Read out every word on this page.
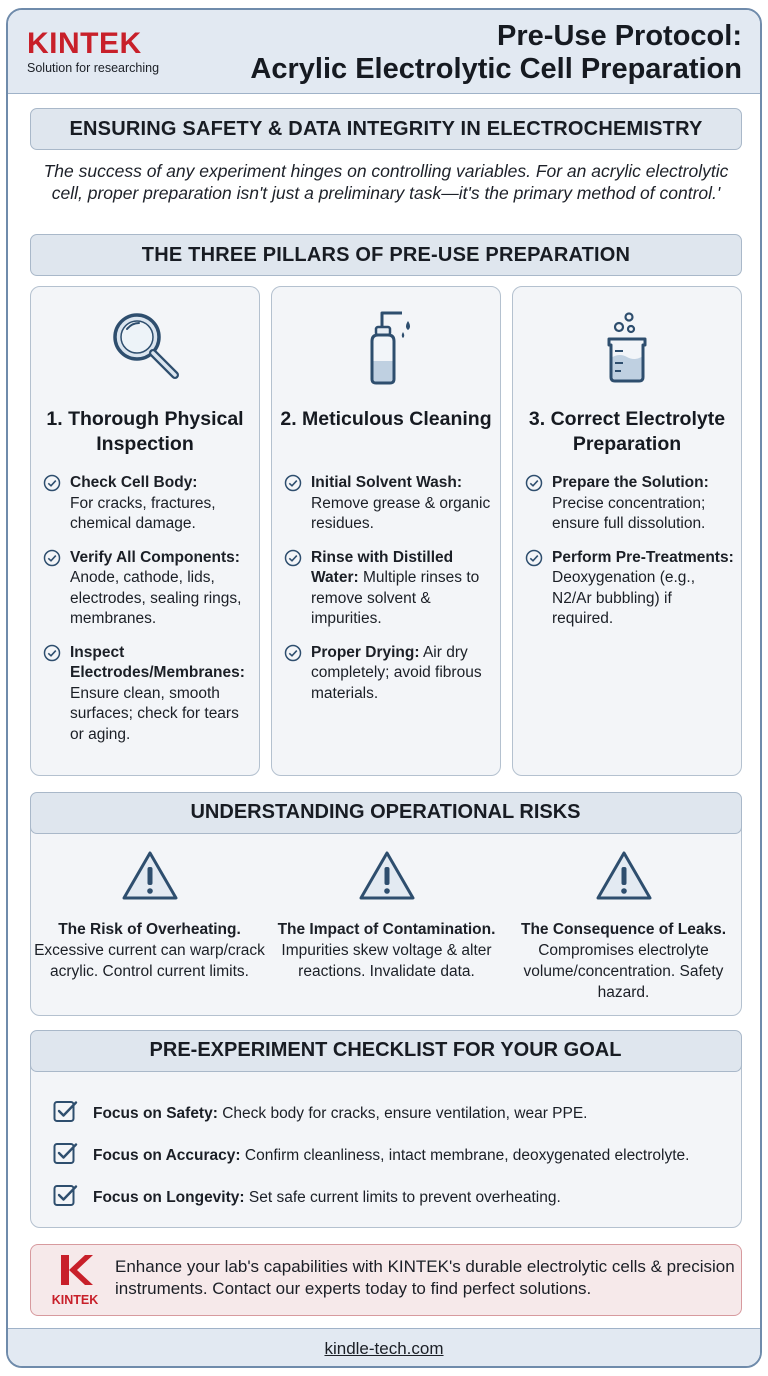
KINTEK
Solution for researching
Pre-Use Protocol:
Acrylic Electrolytic Cell Preparation
ENSURING SAFETY & DATA INTEGRITY IN ELECTROCHEMISTRY
The success of any experiment hinges on controlling variables. For an acrylic electrolytic cell, proper preparation isn't just a preliminary task—it's the primary method of control.'
THE THREE PILLARS OF PRE-USE PREPARATION
1. Thorough Physical Inspection
Check Cell Body:
For cracks, fractures, chemical damage.
Verify All Components:
Anode, cathode, lids, electrodes, sealing rings, membranes.
Inspect Electrodes/Membranes:
Ensure clean, smooth surfaces; check for tears or aging.
2. Meticulous Cleaning
Initial Solvent Wash:
Remove grease & organic residues.
Rinse with Distilled Water: Multiple rinses to remove solvent & impurities.
Proper Drying: Air dry completely; avoid fibrous materials.
3. Correct Electrolyte Preparation
Prepare the Solution:
Precise concentration; ensure full dissolution.
Perform Pre-Treatments:
Deoxygenation (e.g., N2/Ar bubbling) if required.
UNDERSTANDING OPERATIONAL RISKS
The Risk of Overheating.
Excessive current can warp/crack acrylic. Control current limits.
The Impact of Contamination.
Impurities skew voltage & alter reactions. Invalidate data.
The Consequence of Leaks.
Compromises electrolyte volume/concentration. Safety hazard.
PRE-EXPERIMENT CHECKLIST FOR YOUR GOAL
Focus on Safety: Check body for cracks, ensure ventilation, wear PPE.
Focus on Accuracy: Confirm cleanliness, intact membrane, deoxygenated electrolyte.
Focus on Longevity: Set safe current limits to prevent overheating.
KINTEK
Enhance your lab's capabilities with KINTEK's durable electrolytic cells & precision instruments. Contact our experts today to find perfect solutions.
kindle-tech.com
